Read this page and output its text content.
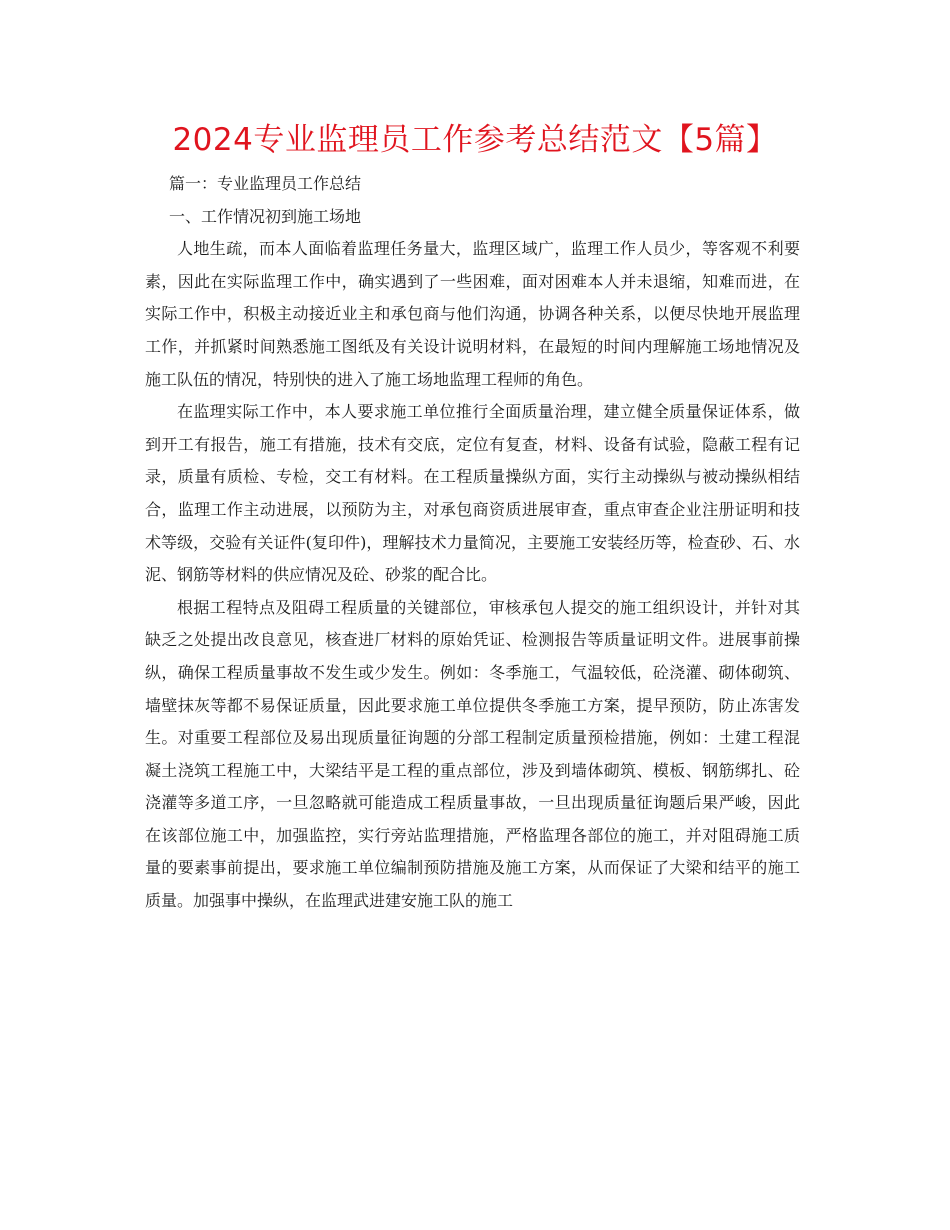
2024专业监理员工作参考总结范文【5篇】

篇一：专业监理员工作总结

一、工作情况初到施工场地

人地生疏，而本人面临着监理任务量大，监理区域广，监理工作人员少，等客观不利要素，因此在实际监理工作中，确实遇到了一些困难，面对困难本人并未退缩，知难而进，在实际工作中，积极主动接近业主和承包商与他们沟通，协调各种关系，以便尽快地开展监理工作，并抓紧时间熟悉施工图纸及有关设计说明材料，在最短的时间内理解施工场地情况及施工队伍的情况，特别快的进入了施工场地监理工程师的角色。

在监理实际工作中，本人要求施工单位推行全面质量治理，建立健全质量保证体系，做到开工有报告，施工有措施，技术有交底，定位有复查，材料、设备有试验，隐蔽工程有记录，质量有质检、专检，交工有材料。在工程质量操纵方面，实行主动操纵与被动操纵相结合，监理工作主动进展，以预防为主，对承包商资质进展审查，重点审查企业注册证明和技术等级，交验有关证件(复印件)，理解技术力量简况，主要施工安装经历等，检查砂、石、水泥、钢筋等材料的供应情况及砼、砂浆的配合比。

根据工程特点及阻碍工程质量的关键部位，审核承包人提交的施工组织设计，并针对其缺乏之处提出改良意见，核查进厂材料的原始凭证、检测报告等质量证明文件。进展事前操纵，确保工程质量事故不发生或少发生。例如：冬季施工，气温较低，砼浇灌、砌体砌筑、墙壁抹灰等都不易保证质量，因此要求施工单位提供冬季施工方案，提早预防，防止冻害发生。对重要工程部位及易出现质量征询题的分部工程制定质量预检措施，例如：土建工程混凝土浇筑工程施工中，大梁结平是工程的重点部位，涉及到墙体砌筑、模板、钢筋绑扎、砼浇灌等多道工序，一旦忽略就可能造成工程质量事故，一旦出现质量征询题后果严峻，因此在该部位施工中，加强监控，实行旁站监理措施，严格监理各部位的施工，并对阻碍施工质量的要素事前提出，要求施工单位编制预防措施及施工方案，从而保证了大梁和结平的施工质量。加强事中操纵，在监理武进建安施工队的施工
